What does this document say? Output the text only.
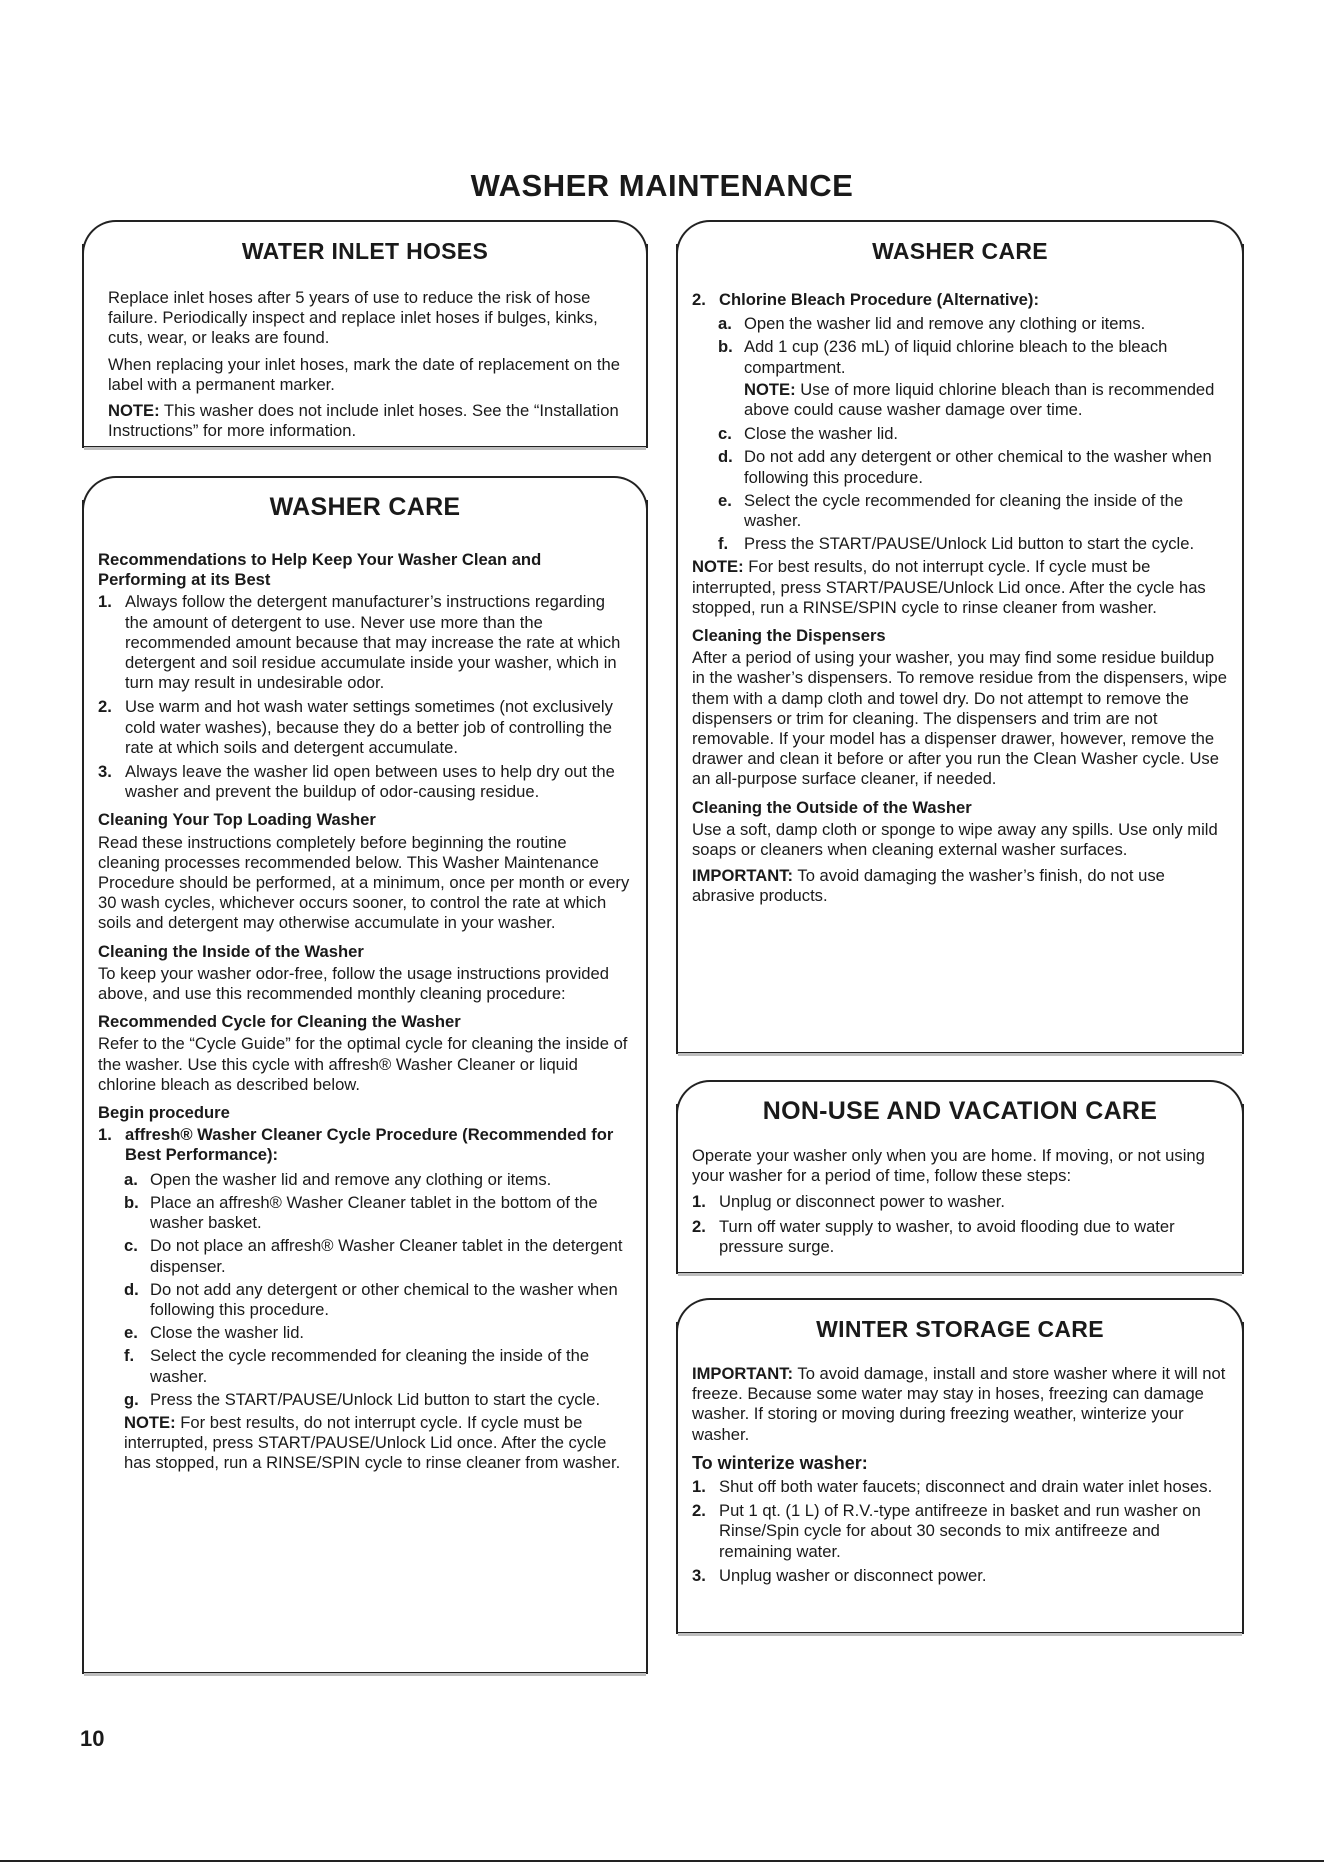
WASHER MAINTENANCE
WATER INLET HOSES

Replace inlet hoses after 5 years of use to reduce the risk of hose failure. Periodically inspect and replace inlet hoses if bulges, kinks, cuts, wear, or leaks are found.

When replacing your inlet hoses, mark the date of replacement on the label with a permanent marker.

NOTE: This washer does not include inlet hoses. See the “Installation Instructions” for more information.

WASHER CARE
Recommendations to Help Keep Your Washer Clean and Performing at its Best
1. Always follow the detergent manufacturer’s instructions regarding the amount of detergent to use. Never use more than the recommended amount because that may increase the rate at which detergent and soil residue accumulate inside your washer, which in turn may result in undesirable odor.
2. Use warm and hot wash water settings sometimes (not exclusively cold water washes), because they do a better job of controlling the rate at which soils and detergent accumulate.
3. Always leave the washer lid open between uses to help dry out the washer and prevent the buildup of odor-causing residue.
Cleaning Your Top Loading Washer

Read these instructions completely before beginning the routine cleaning processes recommended below. This Washer Maintenance Procedure should be performed, at a minimum, once per month or every 30 wash cycles, whichever occurs sooner, to control the rate at which soils and detergent may otherwise accumulate in your washer.

Cleaning the Inside of the Washer

To keep your washer odor-free, follow the usage instructions provided above, and use this recommended monthly cleaning procedure:

Recommended Cycle for Cleaning the Washer

Refer to the “Cycle Guide” for the optimal cycle for cleaning the inside of the washer. Use this cycle with affresh® Washer Cleaner or liquid chlorine bleach as described below.

Begin procedure
1. affresh® Washer Cleaner Cycle Procedure (Recommended for Best Performance):
a. Open the washer lid and remove any clothing or items.
b. Place an affresh® Washer Cleaner tablet in the bottom of the washer basket.
c. Do not place an affresh® Washer Cleaner tablet in the detergent dispenser.
d. Do not add any detergent or other chemical to the washer when following this procedure.
e. Close the washer lid.
f. Select the cycle recommended for cleaning the inside of the washer.
g. Press the START/PAUSE/Unlock Lid button to start the cycle.

NOTE: For best results, do not interrupt cycle. If cycle must be interrupted, press START/PAUSE/Unlock Lid once. After the cycle has stopped, run a RINSE/SPIN cycle to rinse cleaner from washer.

WASHER CARE
2. Chlorine Bleach Procedure (Alternative):
a. Open the washer lid and remove any clothing or items.
b. Add 1 cup (236 mL) of liquid chlorine bleach to the bleach compartment.
NOTE: Use of more liquid chlorine bleach than is recommended above could cause washer damage over time.
c. Close the washer lid.
d. Do not add any detergent or other chemical to the washer when following this procedure.
e. Select the cycle recommended for cleaning the inside of the washer.
f. Press the START/PAUSE/Unlock Lid button to start the cycle.

NOTE: For best results, do not interrupt cycle. If cycle must be interrupted, press START/PAUSE/Unlock Lid once. After the cycle has stopped, run a RINSE/SPIN cycle to rinse cleaner from washer.

Cleaning the Dispensers

After a period of using your washer, you may find some residue buildup in the washer’s dispensers. To remove residue from the dispensers, wipe them with a damp cloth and towel dry. Do not attempt to remove the dispensers or trim for cleaning. The dispensers and trim are not removable. If your model has a dispenser drawer, however, remove the drawer and clean it before or after you run the Clean Washer cycle. Use an all-purpose surface cleaner, if needed.

Cleaning the Outside of the Washer

Use a soft, damp cloth or sponge to wipe away any spills. Use only mild soaps or cleaners when cleaning external washer surfaces.

IMPORTANT: To avoid damaging the washer’s finish, do not use abrasive products.

NON-USE AND VACATION CARE

Operate your washer only when you are home. If moving, or not using your washer for a period of time, follow these steps:

1. Unplug or disconnect power to washer.
2. Turn off water supply to washer, to avoid flooding due to water pressure surge.
WINTER STORAGE CARE

IMPORTANT: To avoid damage, install and store washer where it will not freeze. Because some water may stay in hoses, freezing can damage washer. If storing or moving during freezing weather, winterize your washer.

To winterize washer:
1. Shut off both water faucets; disconnect and drain water inlet hoses.
2. Put 1 qt. (1 L) of R.V.-type antifreeze in basket and run washer on Rinse/Spin cycle for about 30 seconds to mix antifreeze and remaining water.
3. Unplug washer or disconnect power.
10
